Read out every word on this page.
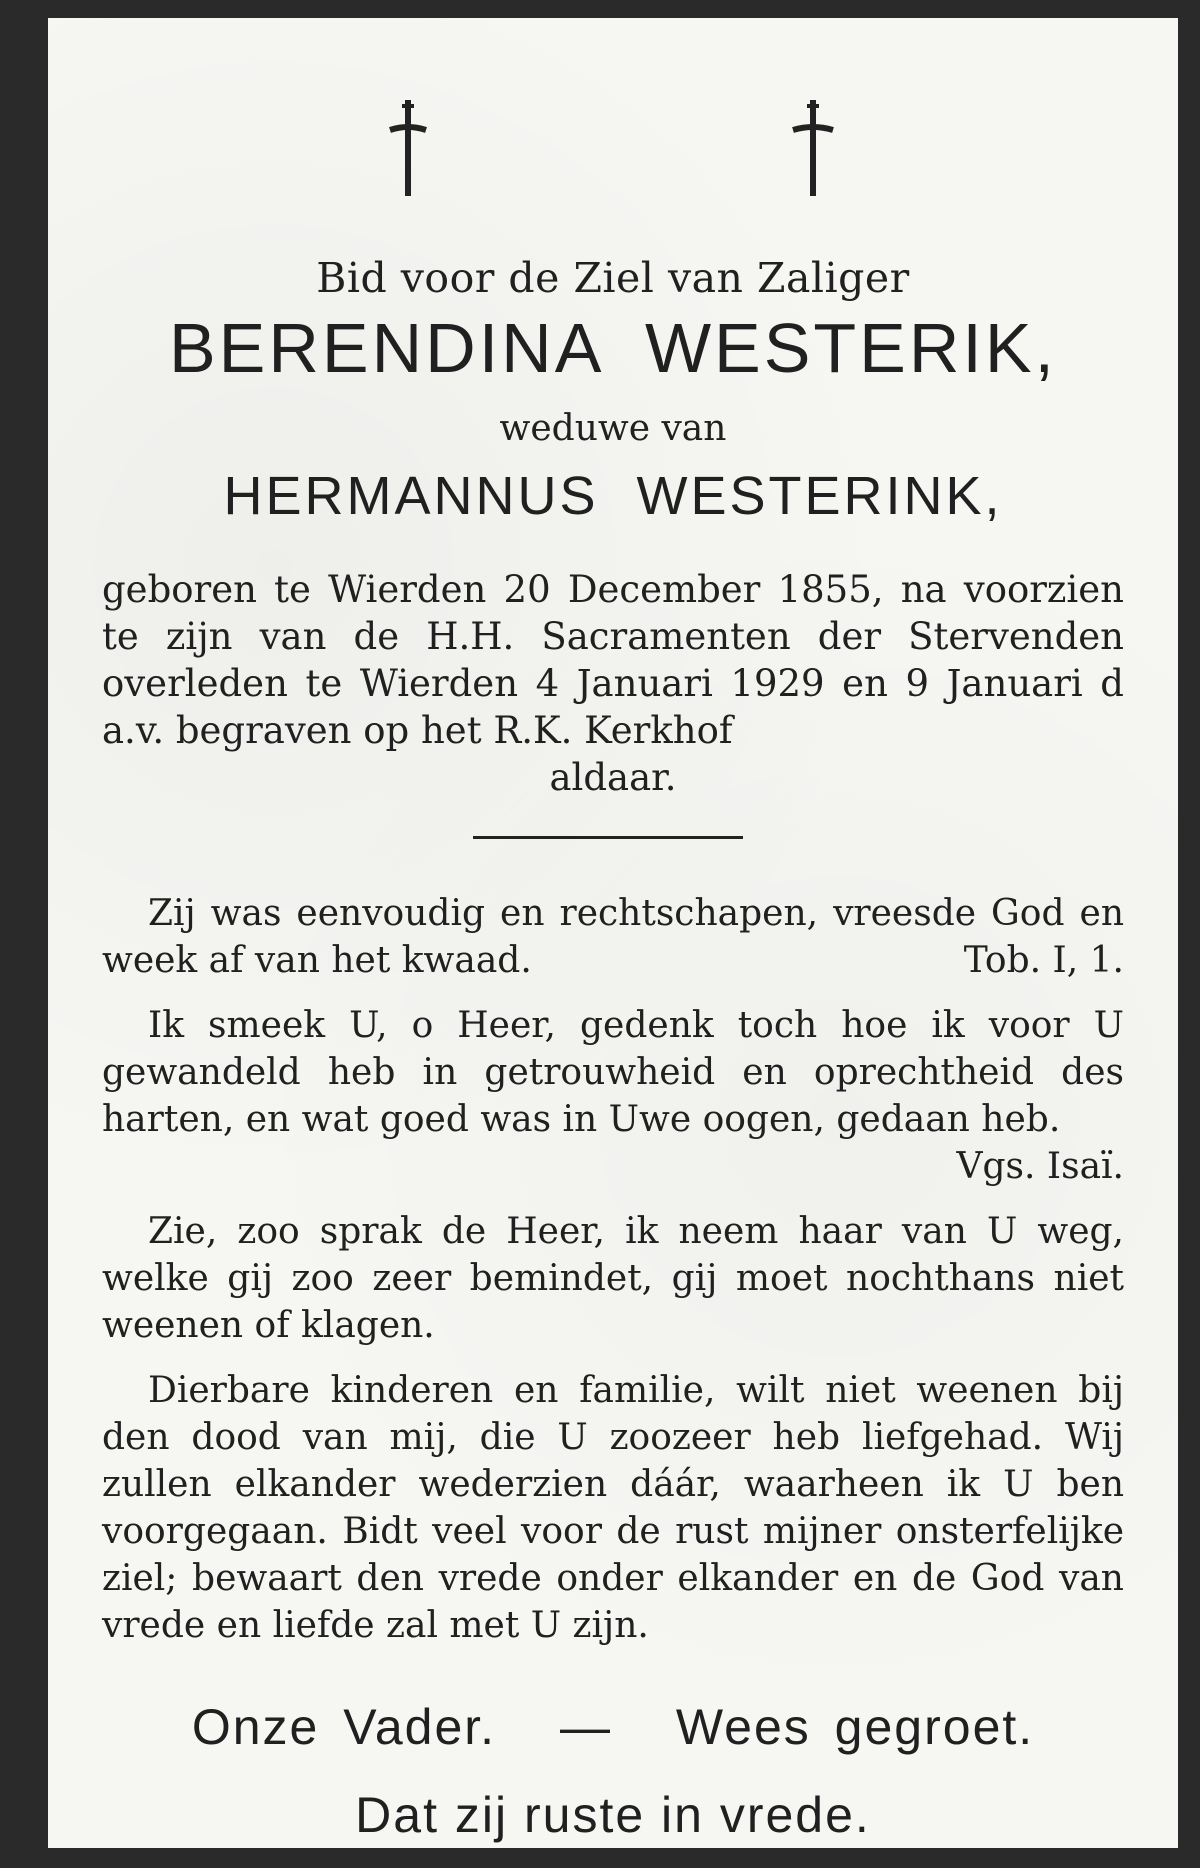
Bid voor de Ziel van Zaliger

BERENDINA WESTERIK,

weduwe van

HERMANNUS WESTERINK,

geboren te Wierden 20 December 1855, na voorzien te zijn van de H.H. Sacramenten der Stervenden overleden te Wierden 4 Januari 1929 en 9 Januari d a.v. begraven op het R.K. Kerkhof
aldaar.

Zij was eenvoudig en rechtschapen, vreesde God en week af van het kwaad.	Tob. I, 1.

Ik smeek U, o Heer, gedenk toch hoe ik voor U gewandeld heb in getrouwheid en oprechtheid des harten, en wat goed was in Uwe oogen, gedaan heb.
Vgs. Isaï.

Zie, zoo sprak de Heer, ik neem haar van U weg, welke gij zoo zeer bemindet, gij moet nochthans niet weenen of klagen.

Dierbare kinderen en familie, wilt niet weenen bij den dood van mij, die U zoozeer heb liefgehad. Wij zullen elkander wederzien dáár, waarheen ik U ben voorgegaan. Bidt veel voor de rust mijner onsterfelijke ziel; bewaart den vrede onder elkander en de God van vrede en liefde zal met U zijn.

Onze Vader. — Wees gegroet.
Dat zij ruste in vrede.
